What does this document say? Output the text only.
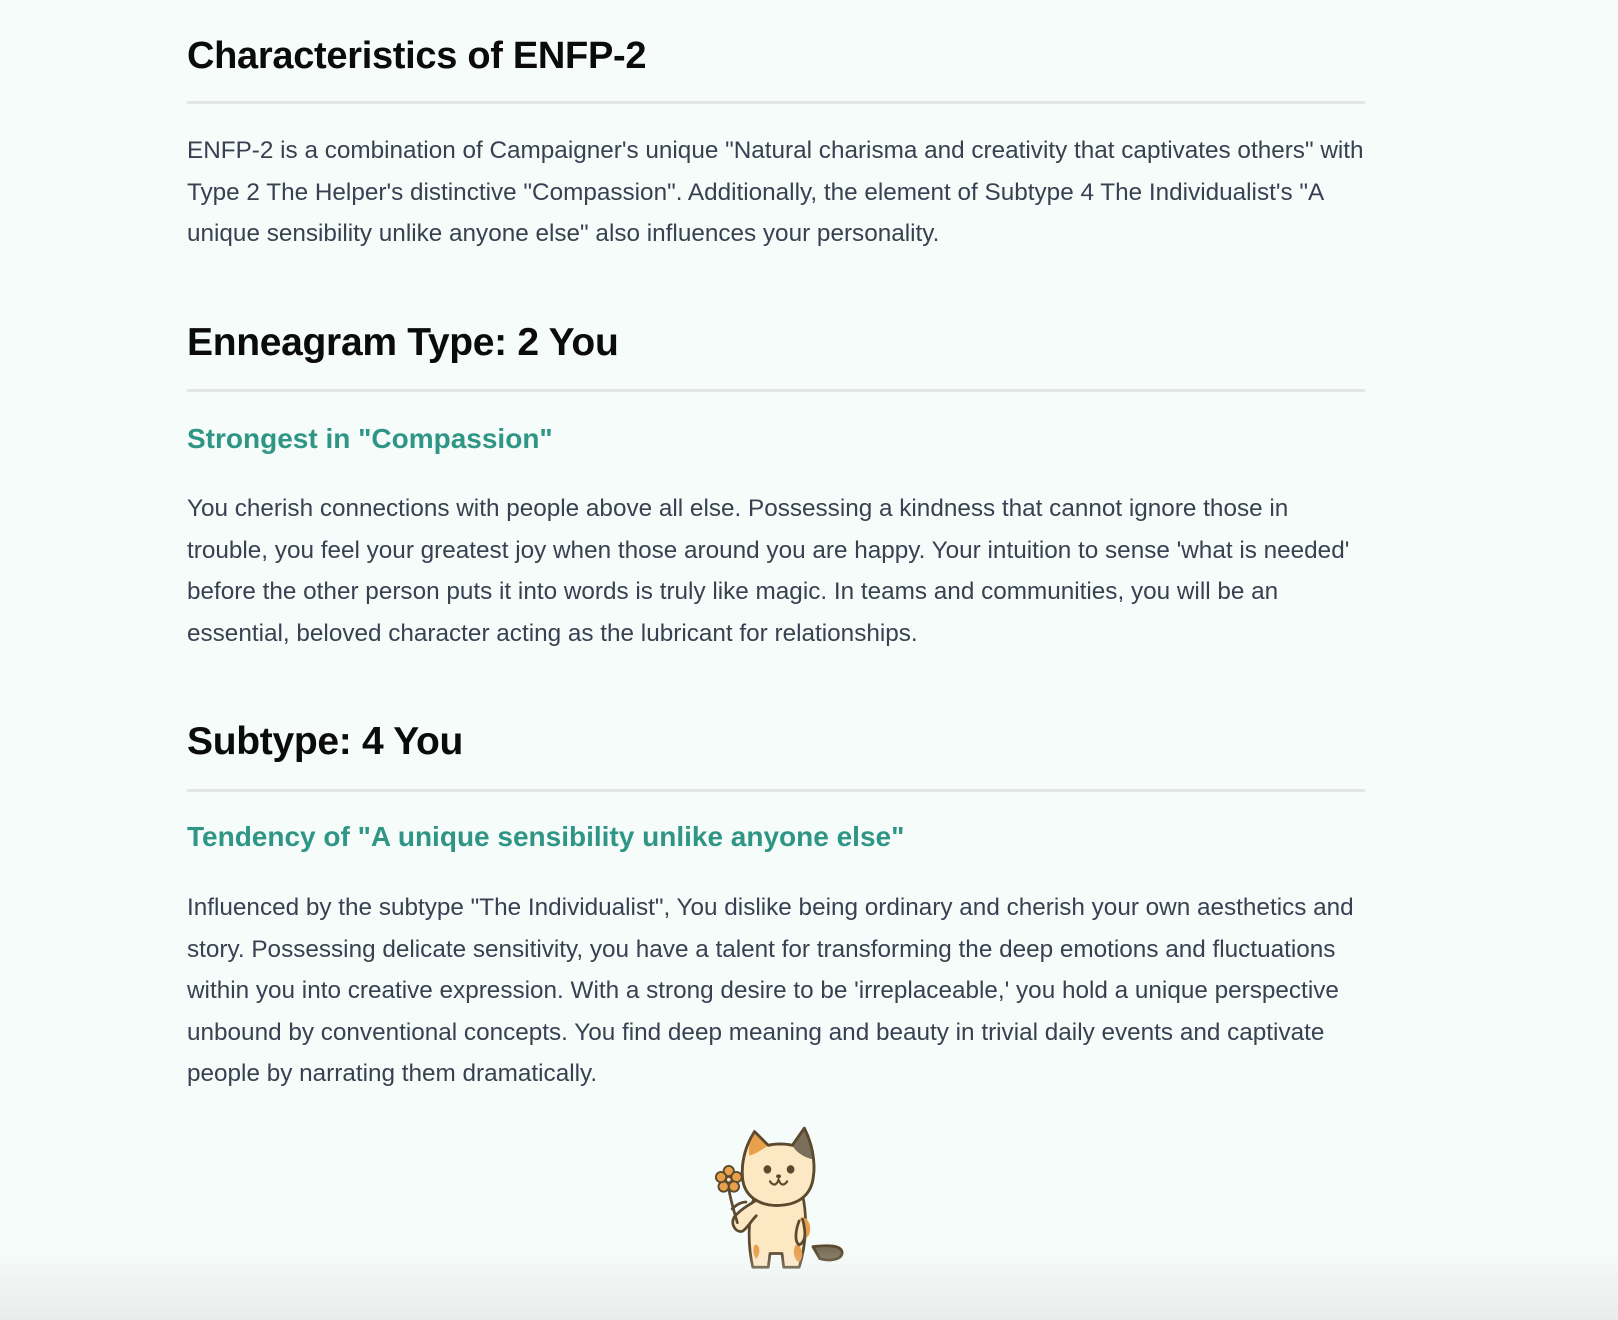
Characteristics of ENFP-2

ENFP-2 is a combination of Campaigner's unique "Natural charisma and creativity that captivates others" with Type 2 The Helper's distinctive "Compassion". Additionally, the element of Subtype 4 The Individualist's "A unique sensibility unlike anyone else" also influences your personality.

Enneagram Type: 2 You
Strongest in "Compassion"

You cherish connections with people above all else. Possessing a kindness that cannot ignore those in trouble, you feel your greatest joy when those around you are happy. Your intuition to sense 'what is needed' before the other person puts it into words is truly like magic. In teams and communities, you will be an essential, beloved character acting as the lubricant for relationships.

Subtype: 4 You
Tendency of "A unique sensibility unlike anyone else"

Influenced by the subtype "The Individualist", You dislike being ordinary and cherish your own aesthetics and story. Possessing delicate sensitivity, you have a talent for transforming the deep emotions and fluctuations within you into creative expression. With a strong desire to be 'irreplaceable,' you hold a unique perspective unbound by conventional concepts. You find deep meaning and beauty in trivial daily events and captivate people by narrating them dramatically.
